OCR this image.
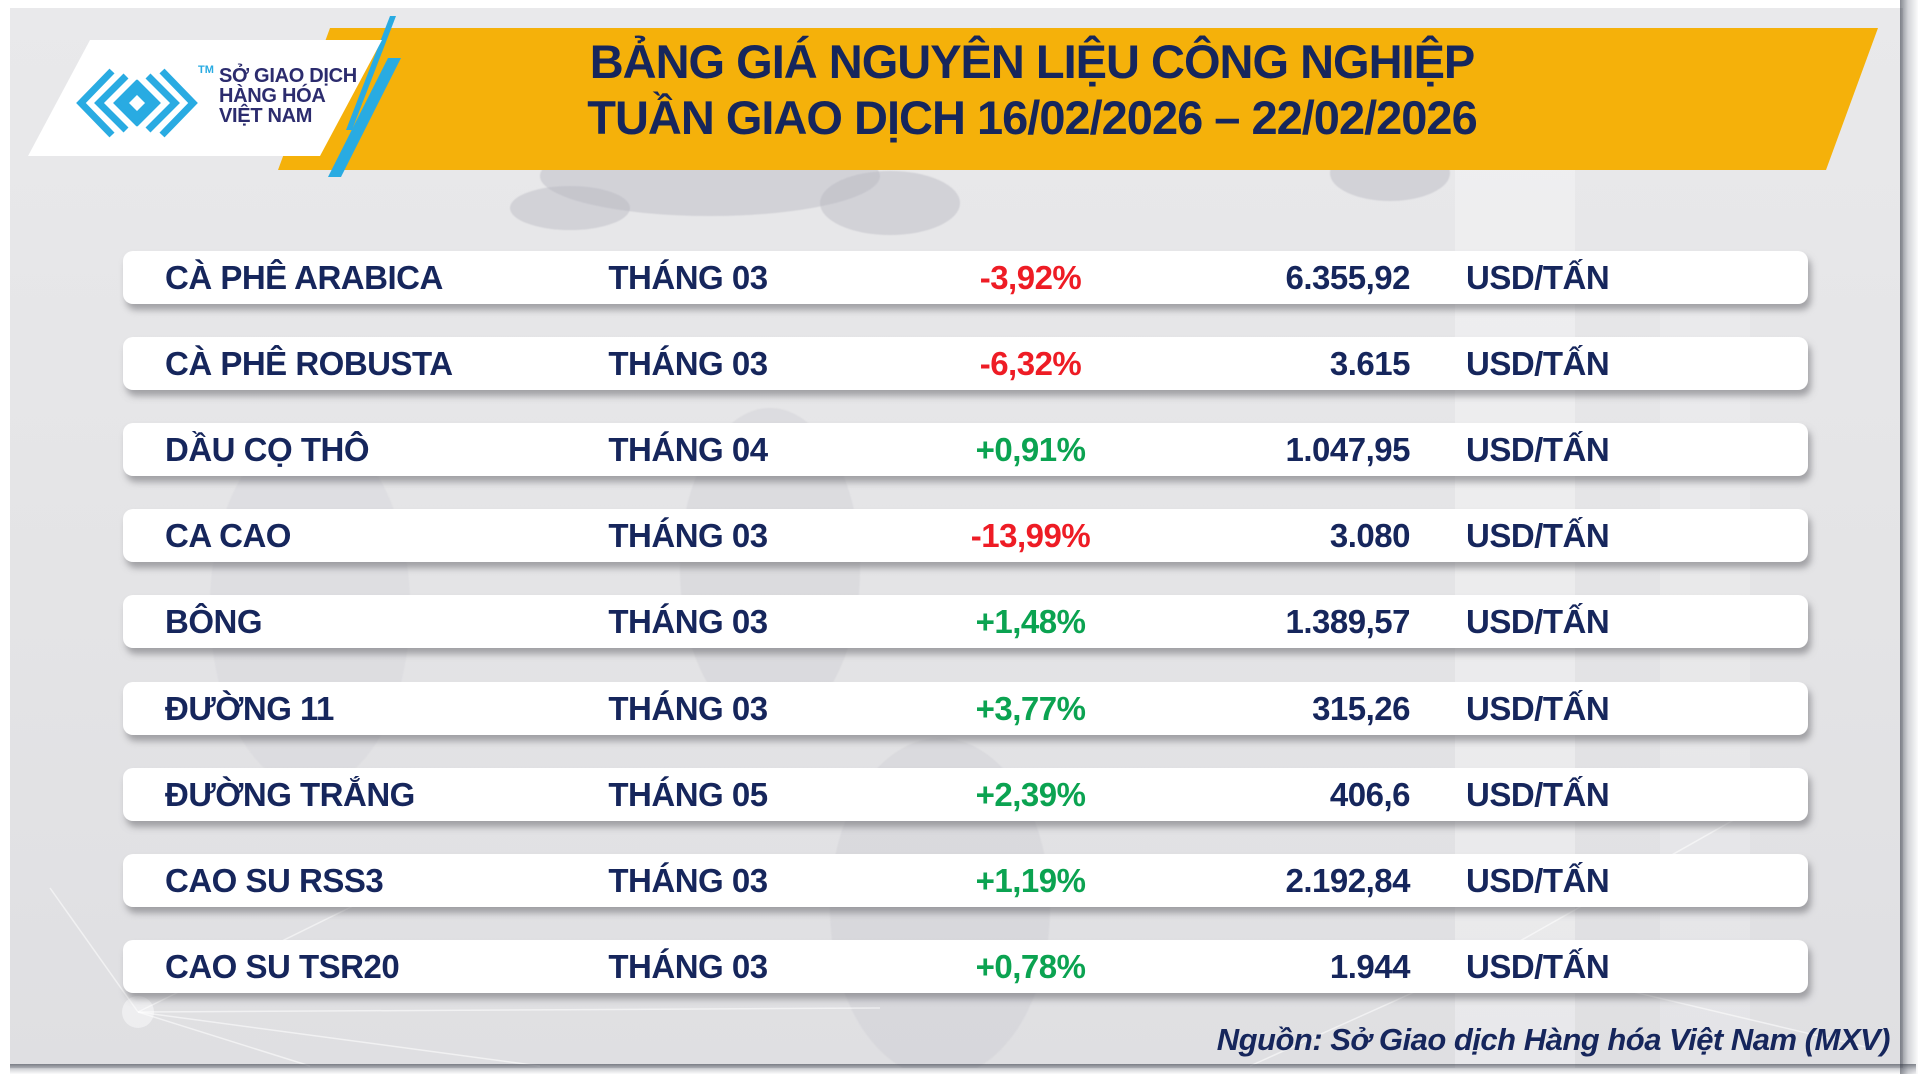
BẢNG GIÁ NGUYÊN LIỆU CÔNG NGHIỆP
TUẦN GIAO DỊCH 16/02/2026 – 22/02/2026
TM SỞ GIAO DỊCH
HÀNG HÓA
VIỆT NAM
CÀ PHÊ ARABICA	THÁNG 03	-3,92%	6.355,92 USD/TẤN
CÀ PHÊ ROBUSTA	THÁNG 03	-6,32%	3.615 USD/TẤN
DẦU CỌ THÔ	THÁNG 04	+0,91%	1.047,95 USD/TẤN
CA CAO	THÁNG 03	-13,99%	3.080 USD/TẤN
BÔNG	THÁNG 03	+1,48%	1.389,57 USD/TẤN
ĐƯỜNG 11	THÁNG 03	+3,77%	315,26 USD/TẤN
ĐƯỜNG TRẮNG	THÁNG 05	+2,39%	406,6 USD/TẤN
CAO SU RSS3	THÁNG 03	+1,19%	2.192,84 USD/TẤN
CAO SU TSR20	THÁNG 03	+0,78%	1.944 USD/TẤN
Nguồn: Sở Giao dịch Hàng hóa Việt Nam (MXV)
